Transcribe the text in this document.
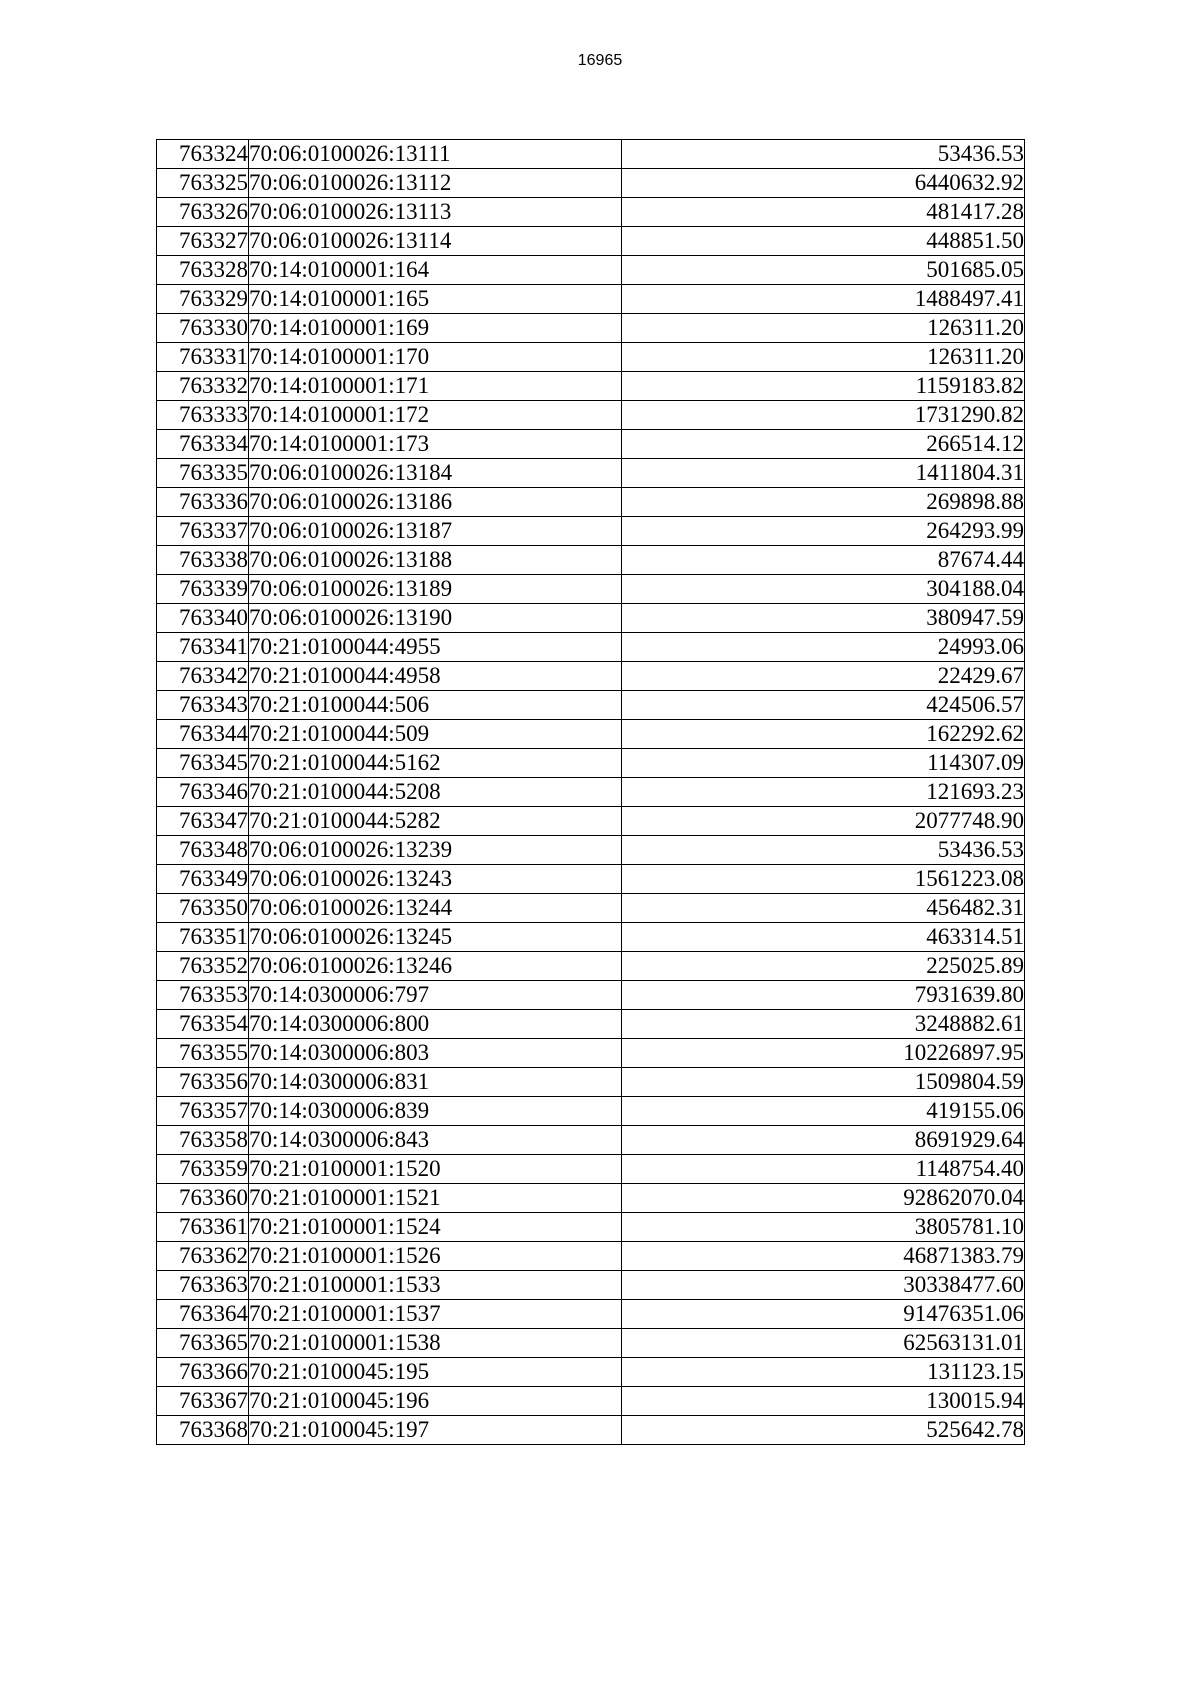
16965
763324	70:06:0100026:13111	53436.53
763325	70:06:0100026:13112	6440632.92
763326	70:06:0100026:13113	481417.28
763327	70:06:0100026:13114	448851.50
763328	70:14:0100001:164	501685.05
763329	70:14:0100001:165	1488497.41
763330	70:14:0100001:169	126311.20
763331	70:14:0100001:170	126311.20
763332	70:14:0100001:171	1159183.82
763333	70:14:0100001:172	1731290.82
763334	70:14:0100001:173	266514.12
763335	70:06:0100026:13184	1411804.31
763336	70:06:0100026:13186	269898.88
763337	70:06:0100026:13187	264293.99
763338	70:06:0100026:13188	87674.44
763339	70:06:0100026:13189	304188.04
763340	70:06:0100026:13190	380947.59
763341	70:21:0100044:4955	24993.06
763342	70:21:0100044:4958	22429.67
763343	70:21:0100044:506	424506.57
763344	70:21:0100044:509	162292.62
763345	70:21:0100044:5162	114307.09
763346	70:21:0100044:5208	121693.23
763347	70:21:0100044:5282	2077748.90
763348	70:06:0100026:13239	53436.53
763349	70:06:0100026:13243	1561223.08
763350	70:06:0100026:13244	456482.31
763351	70:06:0100026:13245	463314.51
763352	70:06:0100026:13246	225025.89
763353	70:14:0300006:797	7931639.80
763354	70:14:0300006:800	3248882.61
763355	70:14:0300006:803	10226897.95
763356	70:14:0300006:831	1509804.59
763357	70:14:0300006:839	419155.06
763358	70:14:0300006:843	8691929.64
763359	70:21:0100001:1520	1148754.40
763360	70:21:0100001:1521	92862070.04
763361	70:21:0100001:1524	3805781.10
763362	70:21:0100001:1526	46871383.79
763363	70:21:0100001:1533	30338477.60
763364	70:21:0100001:1537	91476351.06
763365	70:21:0100001:1538	62563131.01
763366	70:21:0100045:195	131123.15
763367	70:21:0100045:196	130015.94
763368	70:21:0100045:197	525642.78
